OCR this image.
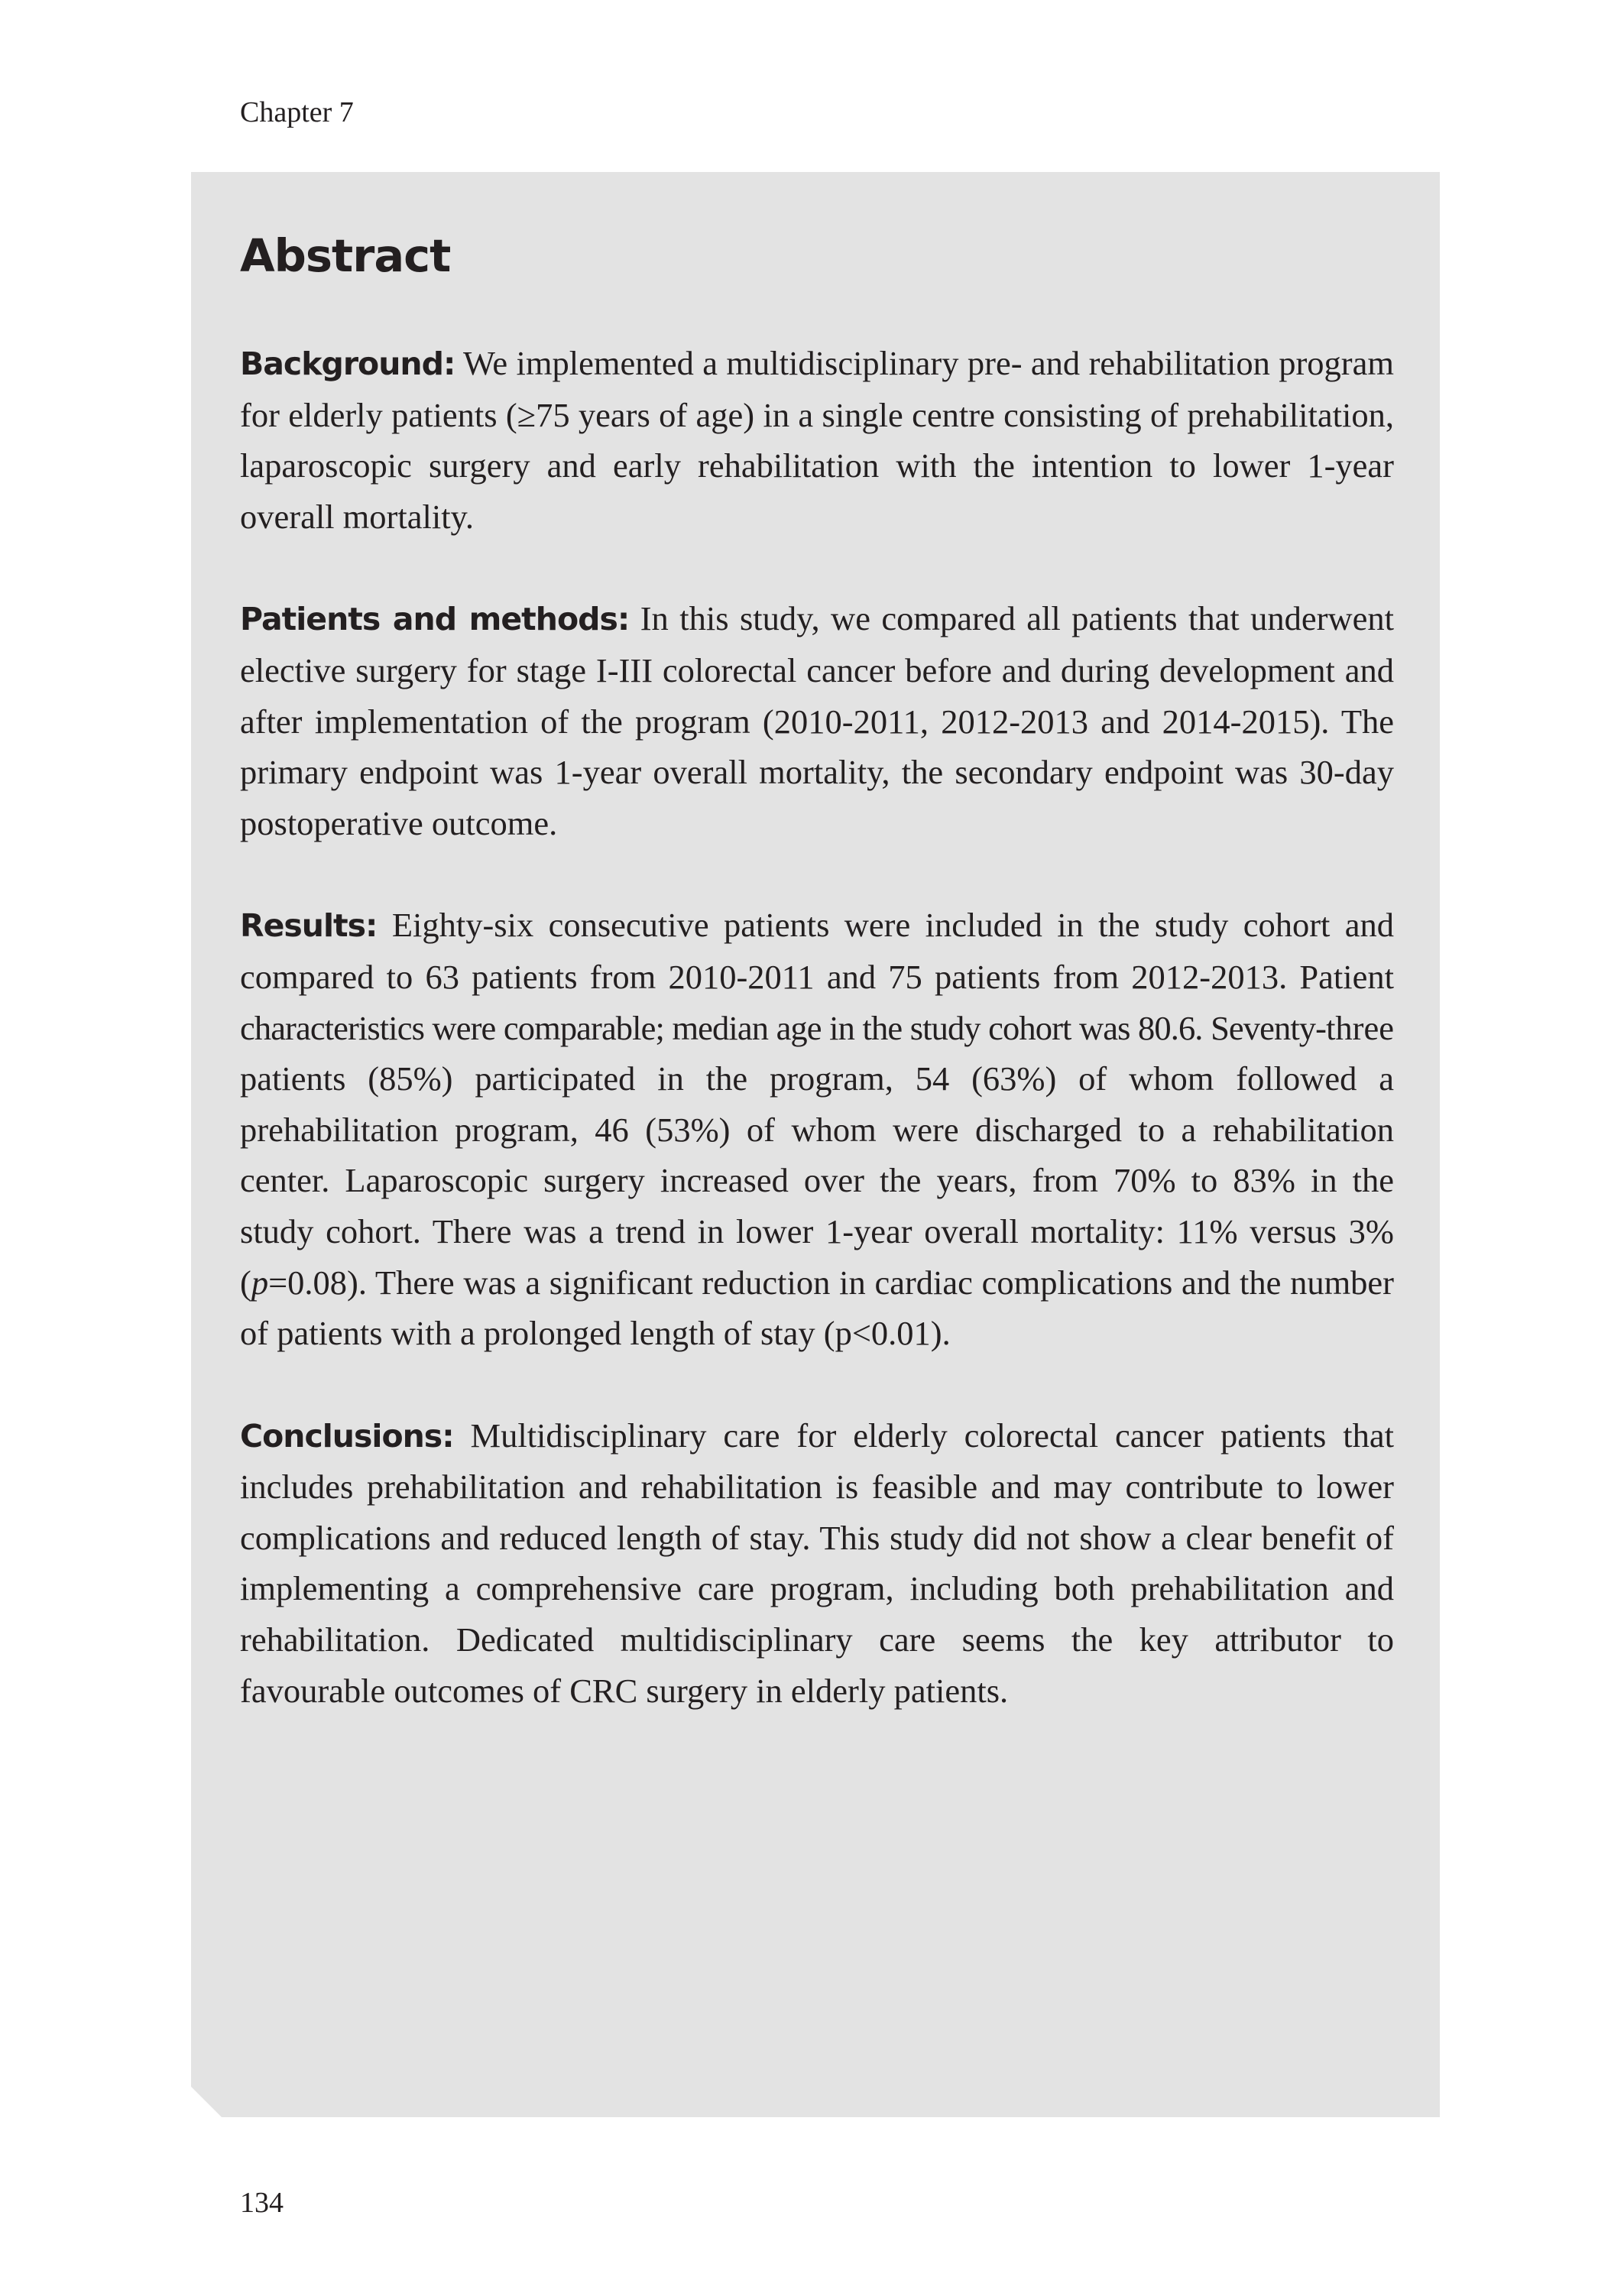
Chapter 7
Abstract

Background: We implemented a multidisciplinary pre- and rehabilitation program for elderly patients (≥75 years of age) in a single centre consisting of prehabilitation, laparoscopic surgery and early rehabilitation with the intention to lower 1-year overall mortality.

Patients and methods: In this study, we compared all patients that underwent elective surgery for stage I-III colorectal cancer before and during development and after implementation of the program (2010-2011, 2012-2013 and 2014-2015). The primary endpoint was 1-year overall mortality, the secondary endpoint was 30-day postoperative outcome.

Results: Eighty-six consecutive patients were included in the study cohort and compared to 63 patients from 2010-2011 and 75 patients from 2012-2013. Patient characteristics were comparable; median age in the study cohort was 80.6. Seventy-three patients (85%) participated in the program, 54 (63%) of whom followed a prehabilitation program, 46 (53%) of whom were discharged to a rehabilitation center. Laparoscopic surgery increased over the years, from 70% to 83% in the study cohort. There was a trend in lower 1-year overall mortality: 11% versus 3% (p=0.08). There was a significant reduction in cardiac complications and the number of patients with a prolonged length of stay (p<0.01).

Conclusions: Multidisciplinary care for elderly colorectal cancer patients that includes prehabilitation and rehabilitation is feasible and may contribute to lower complications and reduced length of stay. This study did not show a clear benefit of implementing a comprehensive care program, including both prehabilitation and rehabilitation. Dedicated multidisciplinary care seems the key attributor to favourable outcomes of CRC surgery in elderly patients.

134
